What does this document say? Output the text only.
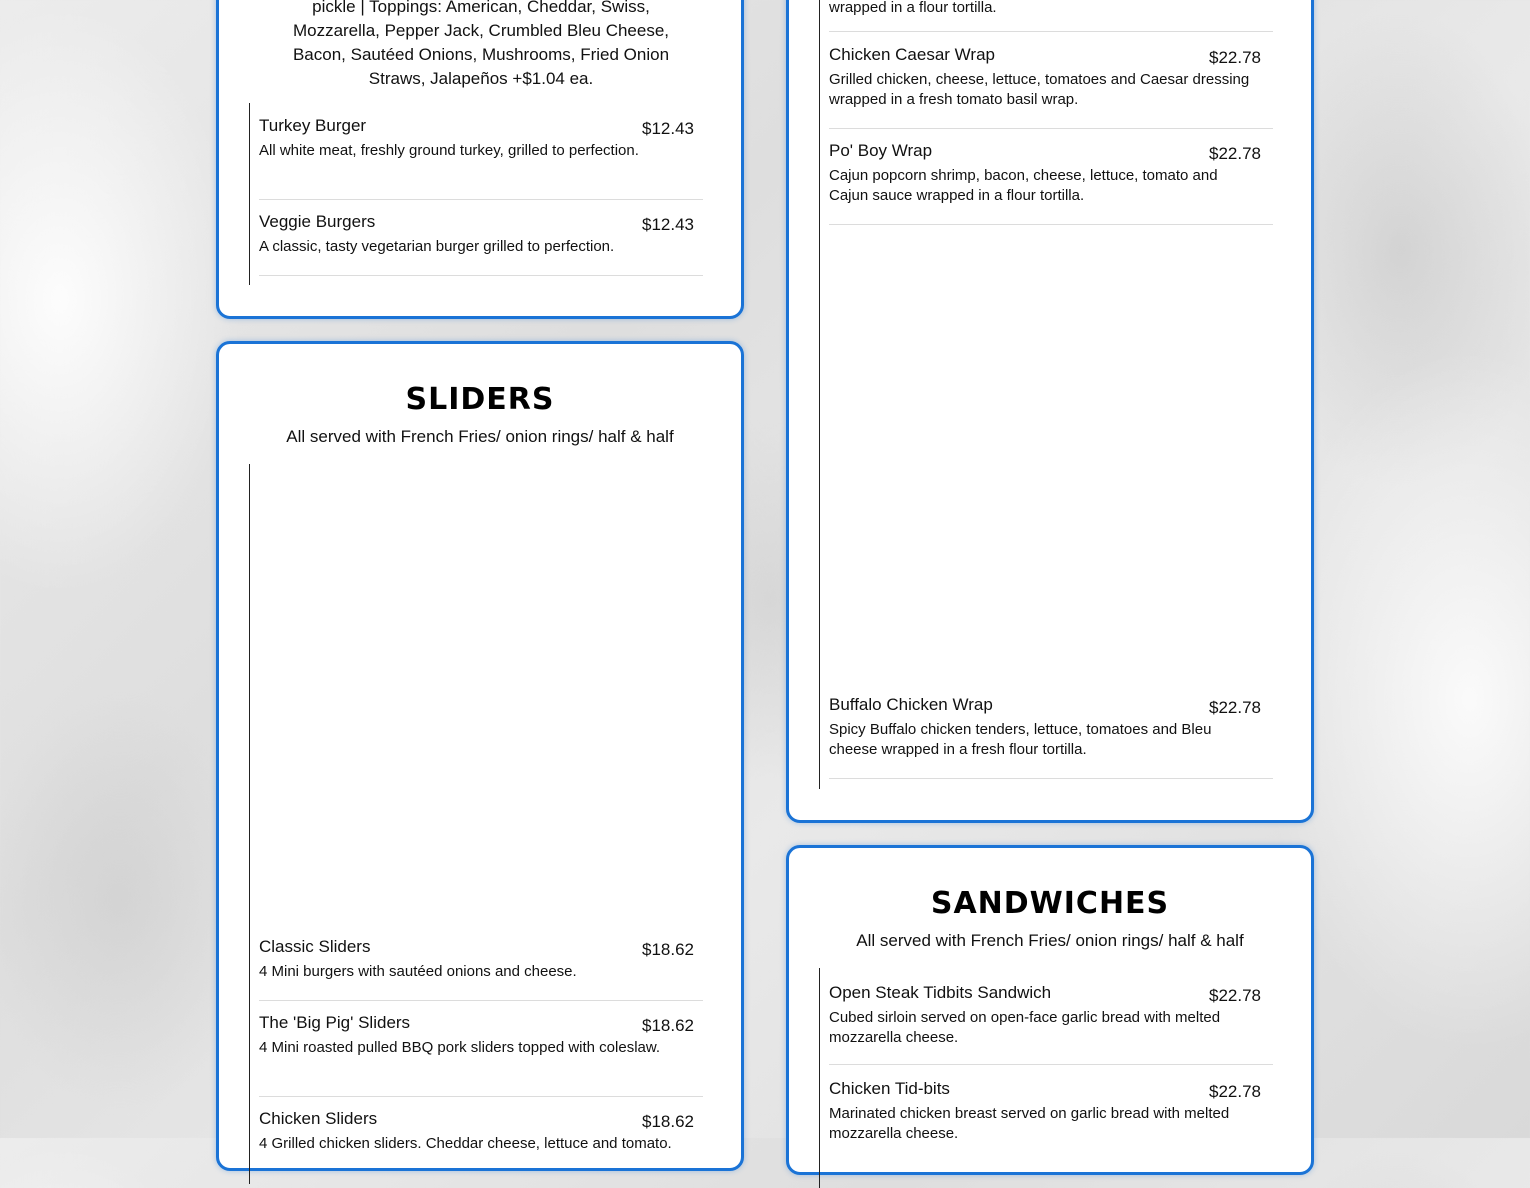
pickle | Toppings: American, Cheddar, Swiss, Mozzarella, Pepper Jack, Crumbled Bleu Cheese, Bacon, Sautéed Onions, Mushrooms, Fried Onion Straws, Jalapeños +$1.04 ea.
Turkey Burger	$12.43
All white meat, freshly ground turkey, grilled to perfection.
Veggie Burgers	$12.43
A classic, tasty vegetarian burger grilled to perfection.
SLIDERS
All served with French Fries/ onion rings/ half & half
Classic Sliders	$18.62
4 Mini burgers with sautéed onions and cheese.
The 'Big Pig' Sliders	$18.62
4 Mini roasted pulled BBQ pork sliders topped with coleslaw.
Chicken Sliders	$18.62
4 Grilled chicken sliders. Cheddar cheese, lettuce and tomato.
wrapped in a flour tortilla.
Chicken Caesar Wrap	$22.78
Grilled chicken, cheese, lettuce, tomatoes and Caesar dressing wrapped in a fresh tomato basil wrap.
Po' Boy Wrap	$22.78
Cajun popcorn shrimp, bacon, cheese, lettuce, tomato and Cajun sauce wrapped in a flour tortilla.
Buffalo Chicken Wrap	$22.78
Spicy Buffalo chicken tenders, lettuce, tomatoes and Bleu cheese wrapped in a fresh flour tortilla.
SANDWICHES
All served with French Fries/ onion rings/ half & half
Open Steak Tidbits Sandwich	$22.78
Cubed sirloin served on open-face garlic bread with melted mozzarella cheese.
Chicken Tid-bits	$22.78
Marinated chicken breast served on garlic bread with melted mozzarella cheese.
